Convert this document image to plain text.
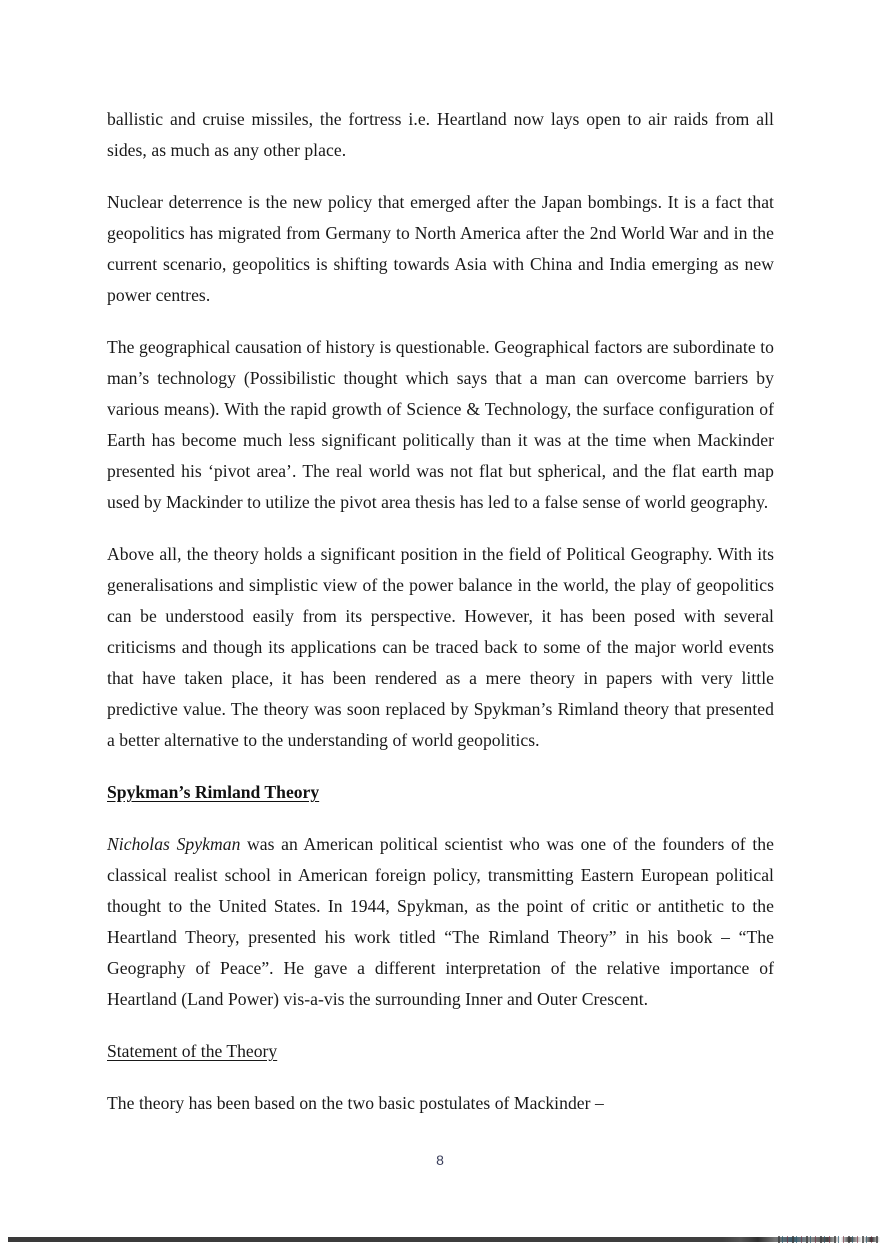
ballistic and cruise missiles, the fortress i.e. Heartland now lays open to air raids from all sides, as much as any other place.

Nuclear deterrence is the new policy that emerged after the Japan bombings. It is a fact that geopolitics has migrated from Germany to North America after the 2nd World War and in the current scenario, geopolitics is shifting towards Asia with China and India emerging as new power centres.

The geographical causation of history is questionable. Geographical factors are subordinate to man’s technology (Possibilistic thought which says that a man can overcome barriers by various means). With the rapid growth of Science & Technology, the surface configuration of Earth has become much less significant politically than it was at the time when Mackinder presented his ‘pivot area’. The real world was not flat but spherical, and the flat earth map used by Mackinder to utilize the pivot area thesis has led to a false sense of world geography.

Above all, the theory holds a significant position in the field of Political Geography. With its generalisations and simplistic view of the power balance in the world, the play of geopolitics can be understood easily from its perspective. However, it has been posed with several criticisms and though its applications can be traced back to some of the major world events that have taken place, it has been rendered as a mere theory in papers with very little predictive value. The theory was soon replaced by Spykman’s Rimland theory that presented a better alternative to the understanding of world geopolitics.

Spykman’s Rimland Theory

Nicholas Spykman was an American political scientist who was one of the founders of the classical realist school in American foreign policy, transmitting Eastern European political thought to the United States. In 1944, Spykman, as the point of critic or antithetic to the Heartland Theory, presented his work titled “The Rimland Theory” in his book – “The Geography of Peace”. He gave a different interpretation of the relative importance of Heartland (Land Power) vis-a-vis the surrounding Inner and Outer Crescent.

Statement of the Theory

The theory has been based on the two basic postulates of Mackinder –

8
